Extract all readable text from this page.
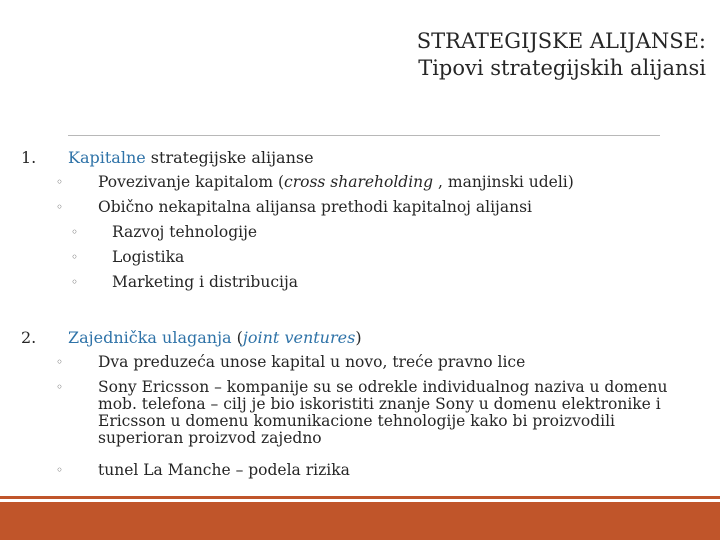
STRATEGIJSKE ALIJANSE:
Tipovi strategijskih alijansi
1. Kapitalne strategijske alijanse
◦ Povezivanje kapitalom (cross shareholding , manjinski udeli)
◦ Obično nekapitalna alijansa prethodi kapitalnoj alijansi
◦ Razvoj tehnologije
◦ Logistika
◦ Marketing i distribucija
2. Zajednička ulaganja (joint ventures)
◦ Dva preduzeća unose kapital u novo, treće pravno lice
◦ Sony Ericsson – kompanije su se odrekle individualnog naziva u domenu
mob. telefona – cilj je bio iskoristiti znanje Sony u domenu elektronike i
Ericsson u domenu komunikacione tehnologije kako bi proizvodili
superioran proizvod zajedno
◦ tunel La Manche – podela rizika
